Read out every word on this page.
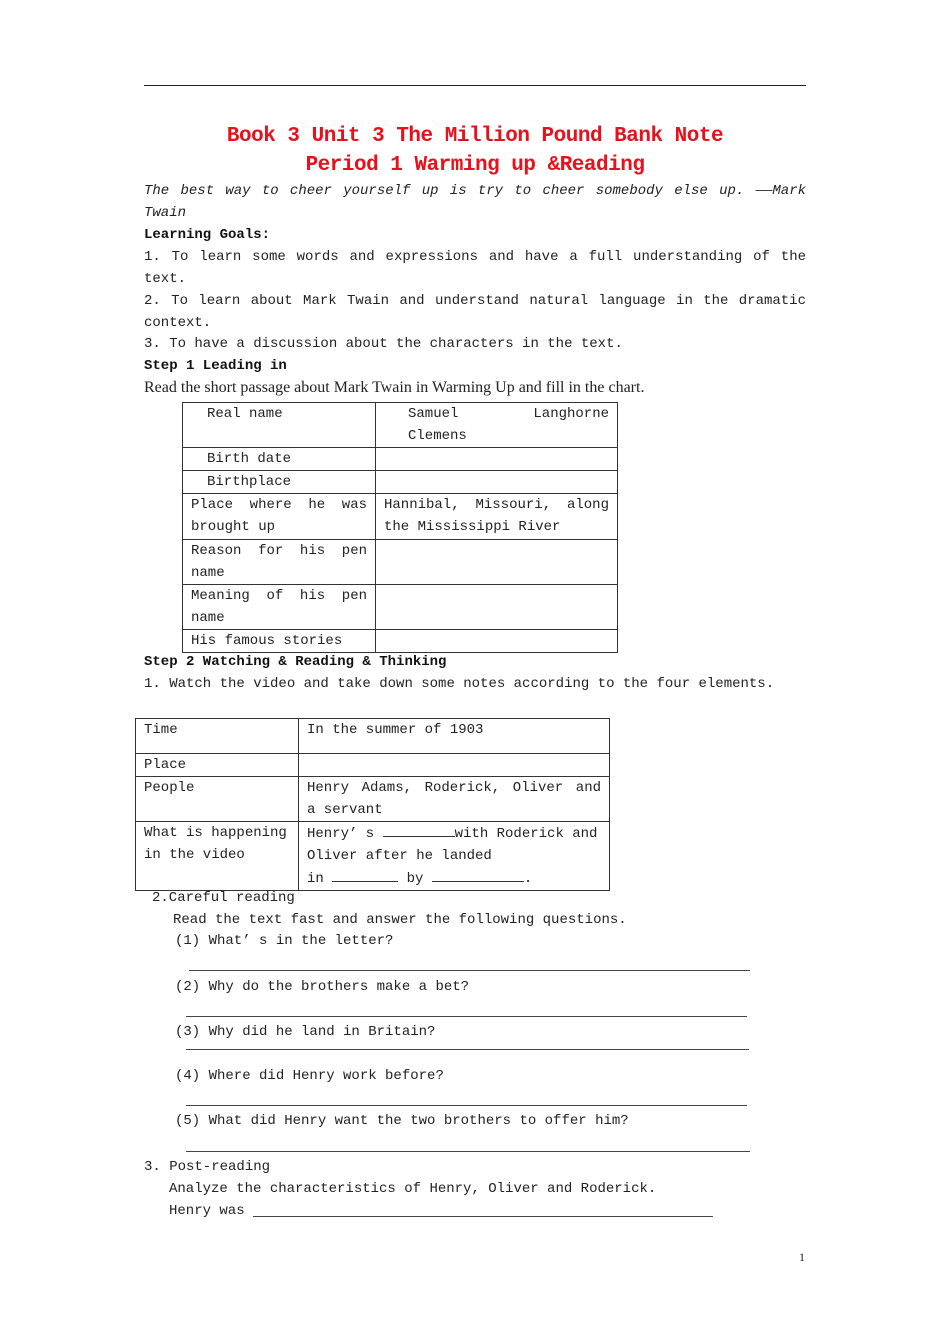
Book 3 Unit 3 The Million Pound Bank Note
Period 1 Warming up &Reading
The best way to cheer yourself up is try to cheer somebody else up. ——Mark
Twain
Learning Goals:
1. To learn some words and expressions and have a full understanding of the
text.
2. To learn about Mark Twain and understand natural language in the dramatic
context.
3. To have a discussion about the characters in the text.
Step 1 Leading in
Read the short passage about Mark Twain in Warming Up and fill in the chart.
Real name	Samuel Langhorne Clemens
Birth date	
Birthplace	
Place where he was brought up	Hannibal, Missouri, along the Mississippi River
Reason for his pen name	
Meaning of his pen name	
His famous stories	
Step 2 Watching & Reading & Thinking
1. Watch the video and take down some notes according to the four elements.
Time	In the summer of 1903
Place	
People	Henry Adams, Roderick, Oliver and a servant
What is happening in the video	Henry’ s with Roderick and Oliver after he landed
in by .
2.Careful reading
Read the text fast and answer the following questions.
(1) What’ s in the letter?
(2) Why do the brothers make a bet?
(3) Why did he land in Britain?
(4) Where did Henry work before?
(5) What did Henry want the two brothers to offer him?
3. Post-reading
Analyze the characteristics of Henry, Oliver and Roderick.
Henry was
1
